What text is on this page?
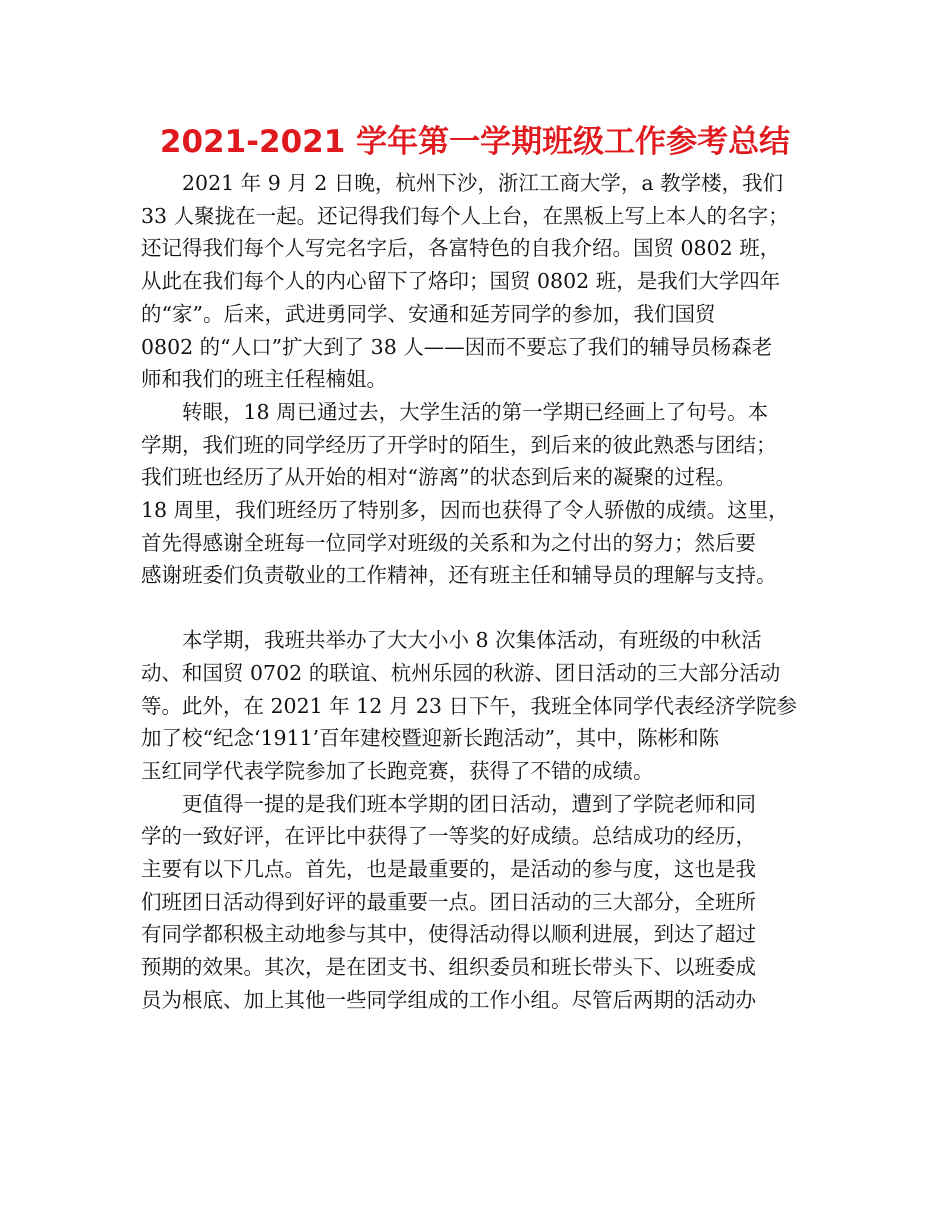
2021-2021 学年第一学期班级工作参考总结

2021 年 9 月 2 日晚，杭州下沙，浙江工商大学，a 教学楼，我们
33 人聚拢在一起。还记得我们每个人上台，在黑板上写上本人的名字；
还记得我们每个人写完名字后，各富特色的自我介绍。国贸 0802 班，
从此在我们每个人的内心留下了烙印；国贸 0802 班，是我们大学四年
的“家”。后来，武进勇同学、安通和延芳同学的参加，我们国贸
0802 的“人口”扩大到了 38 人——因而不要忘了我们的辅导员杨森老
师和我们的班主任程楠姐。

转眼，18 周已通过去，大学生活的第一学期已经画上了句号。本
学期，我们班的同学经历了开学时的陌生，到后来的彼此熟悉与团结；
我们班也经历了从开始的相对“游离”的状态到后来的凝聚的过程。
18 周里，我们班经历了特别多，因而也获得了令人骄傲的成绩。这里，
首先得感谢全班每一位同学对班级的关系和为之付出的努力；然后要
感谢班委们负责敬业的工作精神，还有班主任和辅导员的理解与支持。

本学期，我班共举办了大大小小 8 次集体活动，有班级的中秋活
动、和国贸 0702 的联谊、杭州乐园的秋游、团日活动的三大部分活动
等。此外，在 2021 年 12 月 23 日下午，我班全体同学代表经济学院参
加了校“纪念‘1911’百年建校暨迎新长跑活动”，其中，陈彬和陈
玉红同学代表学院参加了长跑竞赛，获得了不错的成绩。

更值得一提的是我们班本学期的团日活动，遭到了学院老师和同
学的一致好评，在评比中获得了一等奖的好成绩。总结成功的经历，
主要有以下几点。首先，也是最重要的，是活动的参与度，这也是我
们班团日活动得到好评的最重要一点。团日活动的三大部分，全班所
有同学都积极主动地参与其中，使得活动得以顺利进展，到达了超过
预期的效果。其次，是在团支书、组织委员和班长带头下、以班委成
员为根底、加上其他一些同学组成的工作小组。尽管后两期的活动办
